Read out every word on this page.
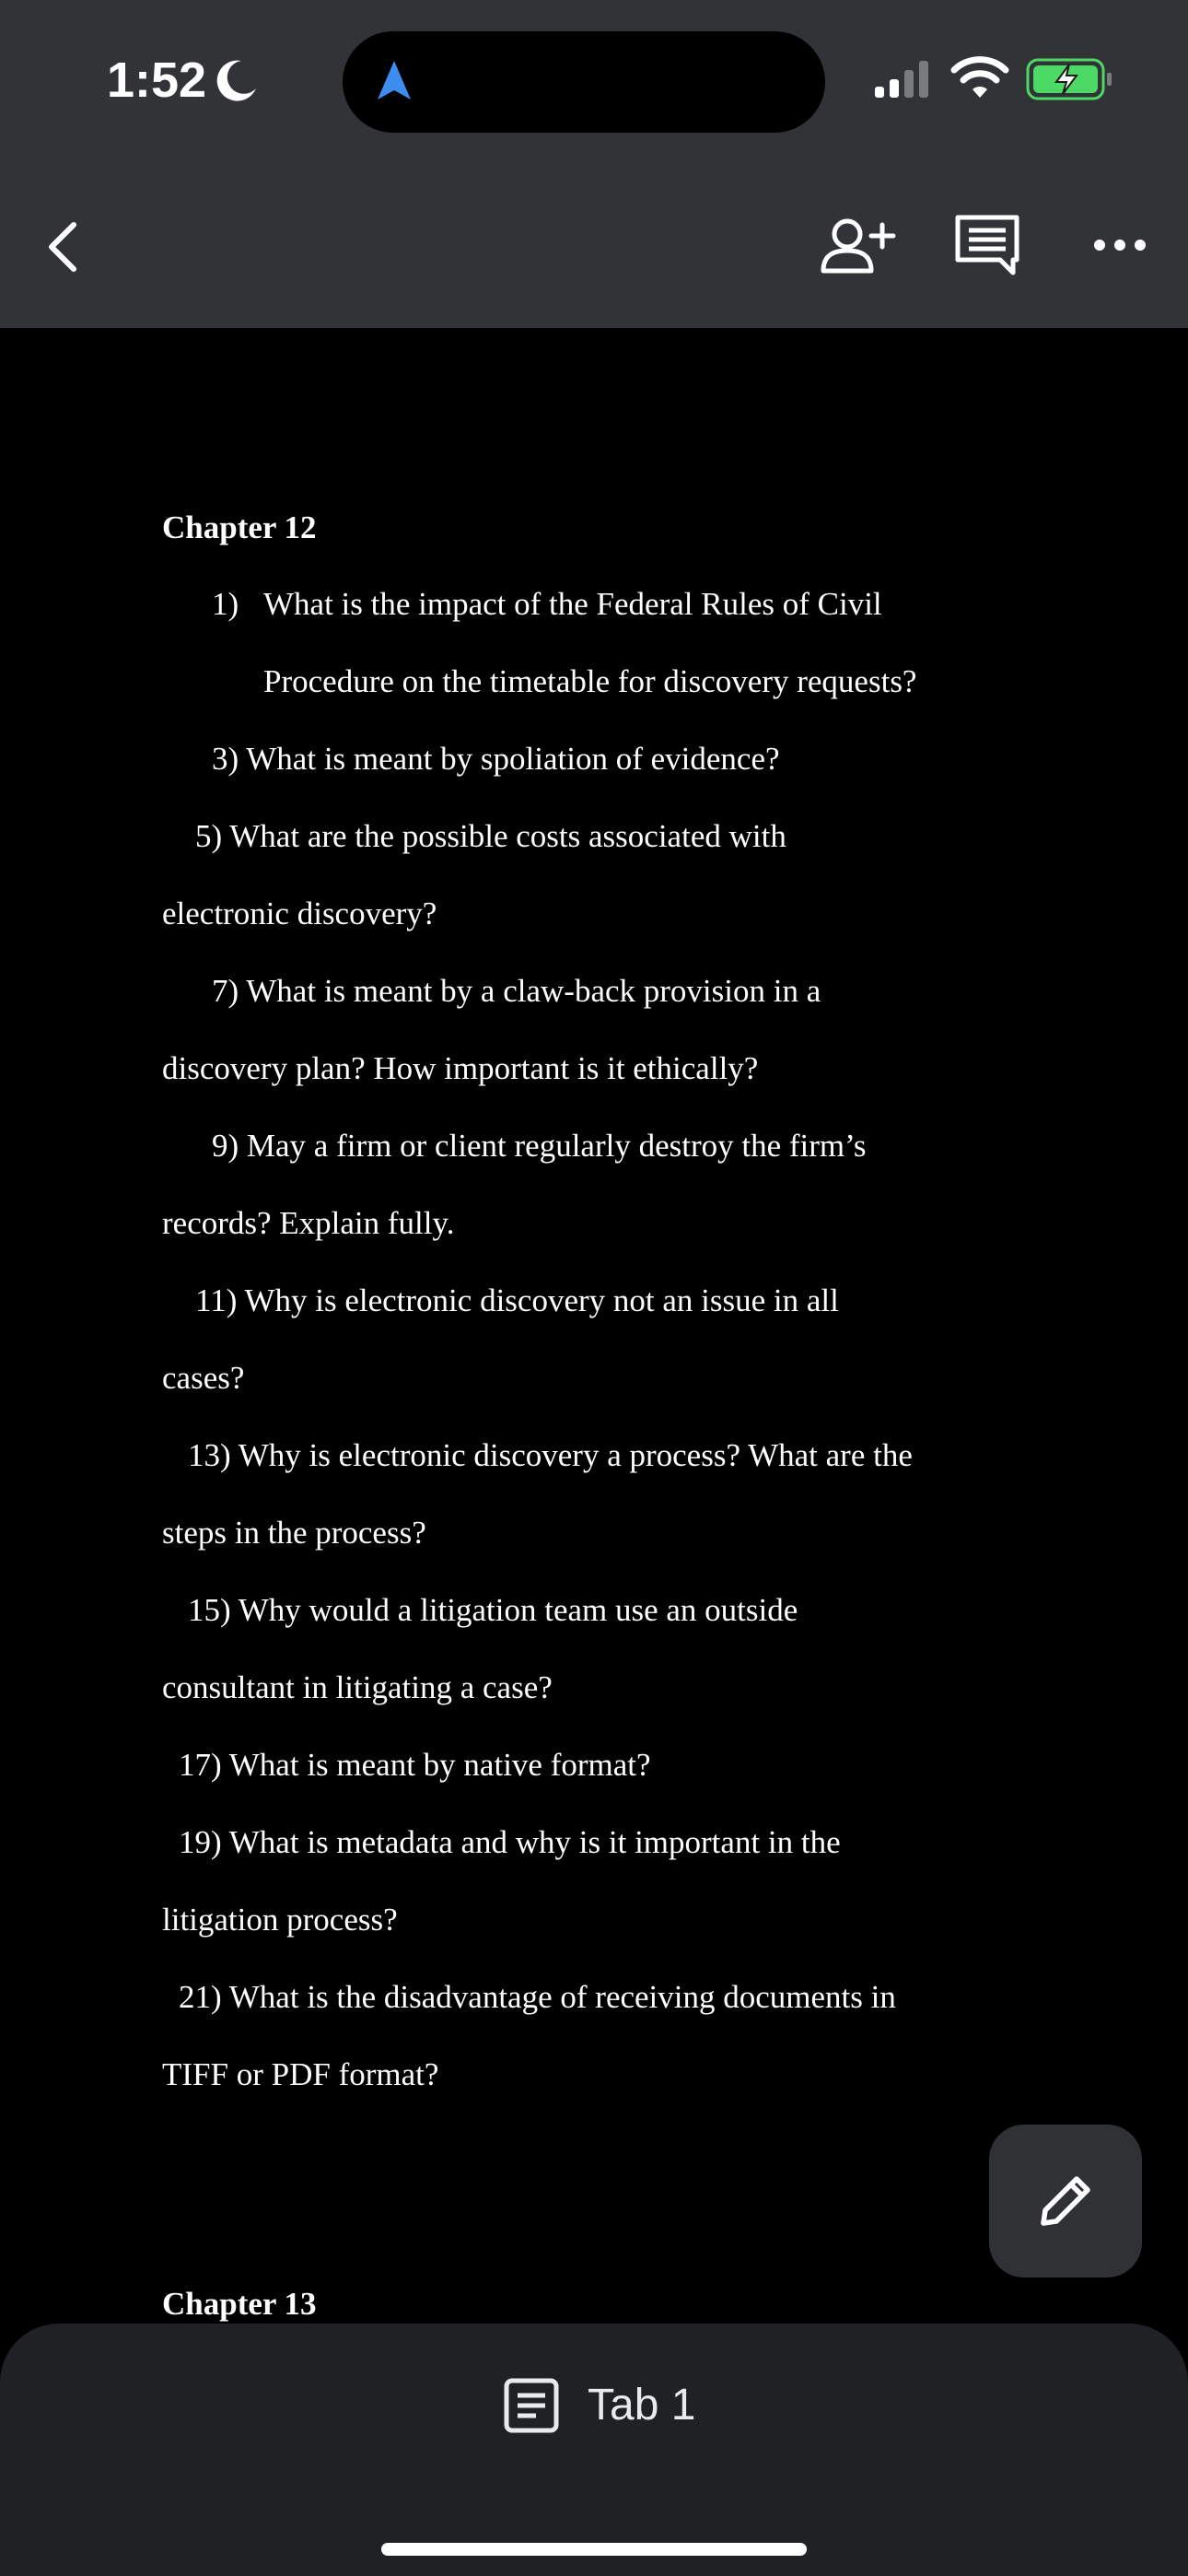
1:52
Chapter 12
1) What is the impact of the Federal Rules of Civil
Procedure on the timetable for discovery requests?
3) What is meant by spoliation of evidence?
5) What are the possible costs associated with
electronic discovery?
7) What is meant by a claw-back provision in a
discovery plan? How important is it ethically?
9) May a firm or client regularly destroy the firm’s
records? Explain fully.
11) Why is electronic discovery not an issue in all
cases?
13) Why is electronic discovery a process? What are the
steps in the process?
15) Why would a litigation team use an outside
consultant in litigating a case?
17) What is meant by native format?
19) What is metadata and why is it important in the
litigation process?
21) What is the disadvantage of receiving documents in
TIFF or PDF format?
Chapter 13
Tab 1
